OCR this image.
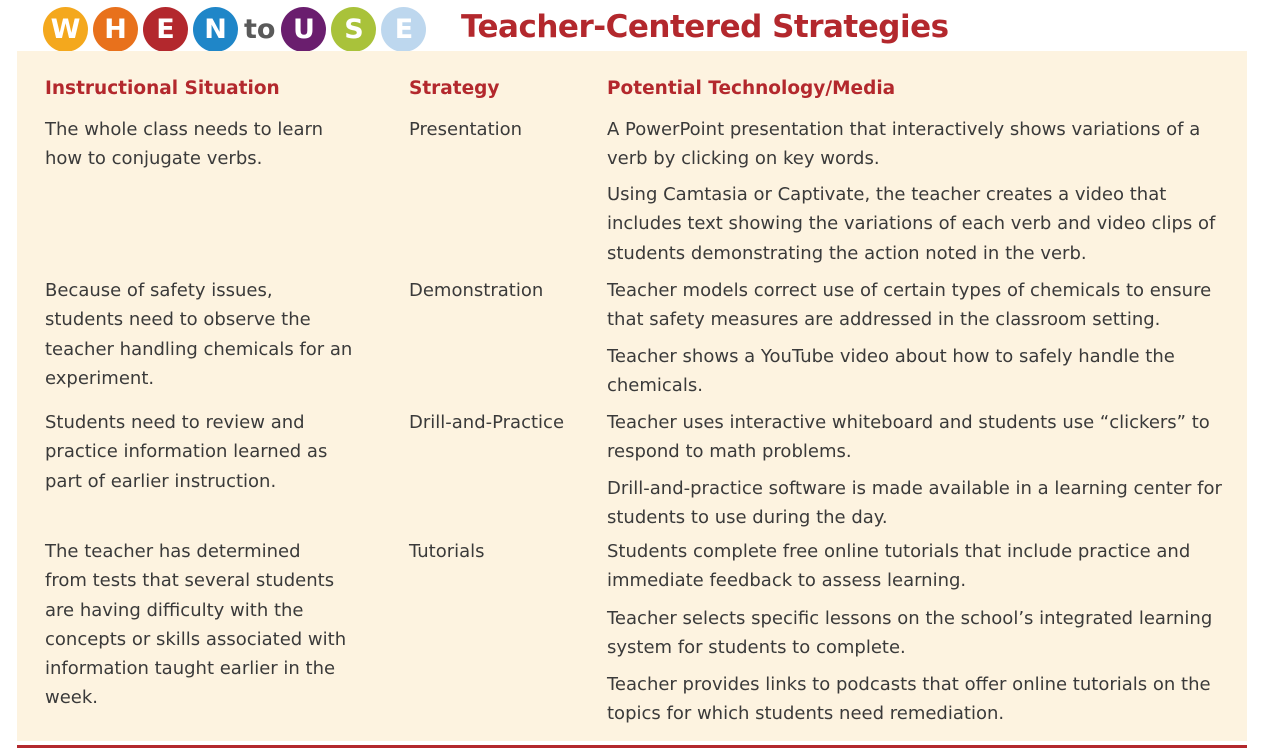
W H	E	N to U	S	E	Teacher-Centered Strategies
Instructional Situation	Strategy	Potential Technology/Media
The whole class needs to learn
how to conjugate verbs.
Presentation	A PowerPoint presentation that interactively shows variations of a
verb by clicking on key words.
Using Camtasia or Captivate, the teacher creates a video that
includes text showing the variations of each verb and video clips of
students demonstrating the action noted in the verb.
Because of safety issues,
students need to observe the
teacher handling chemicals for an
experiment.
Demonstration	Teacher models correct use of certain types of chemicals to ensure
that safety measures are addressed in the classroom setting.
Teacher shows a YouTube video about how to safely handle the
chemicals.
Students need to review and
practice information learned as
part of earlier instruction.
Drill-and-Practice Teacher uses interactive whiteboard and students use “clickers” to
respond to math problems.
Drill-and-practice software is made available in a learning center for
students to use during the day.
The teacher has determined
from tests that several students
are having difficulty with the
concepts or skills associated with
information taught earlier in the
week.
Tutorials	Students complete free online tutorials that include practice and
immediate feedback to assess learning.
Teacher selects specific lessons on the school’s integrated learning
system for students to complete.
Teacher provides links to podcasts that offer online tutorials on the
topics for which students need remediation.
